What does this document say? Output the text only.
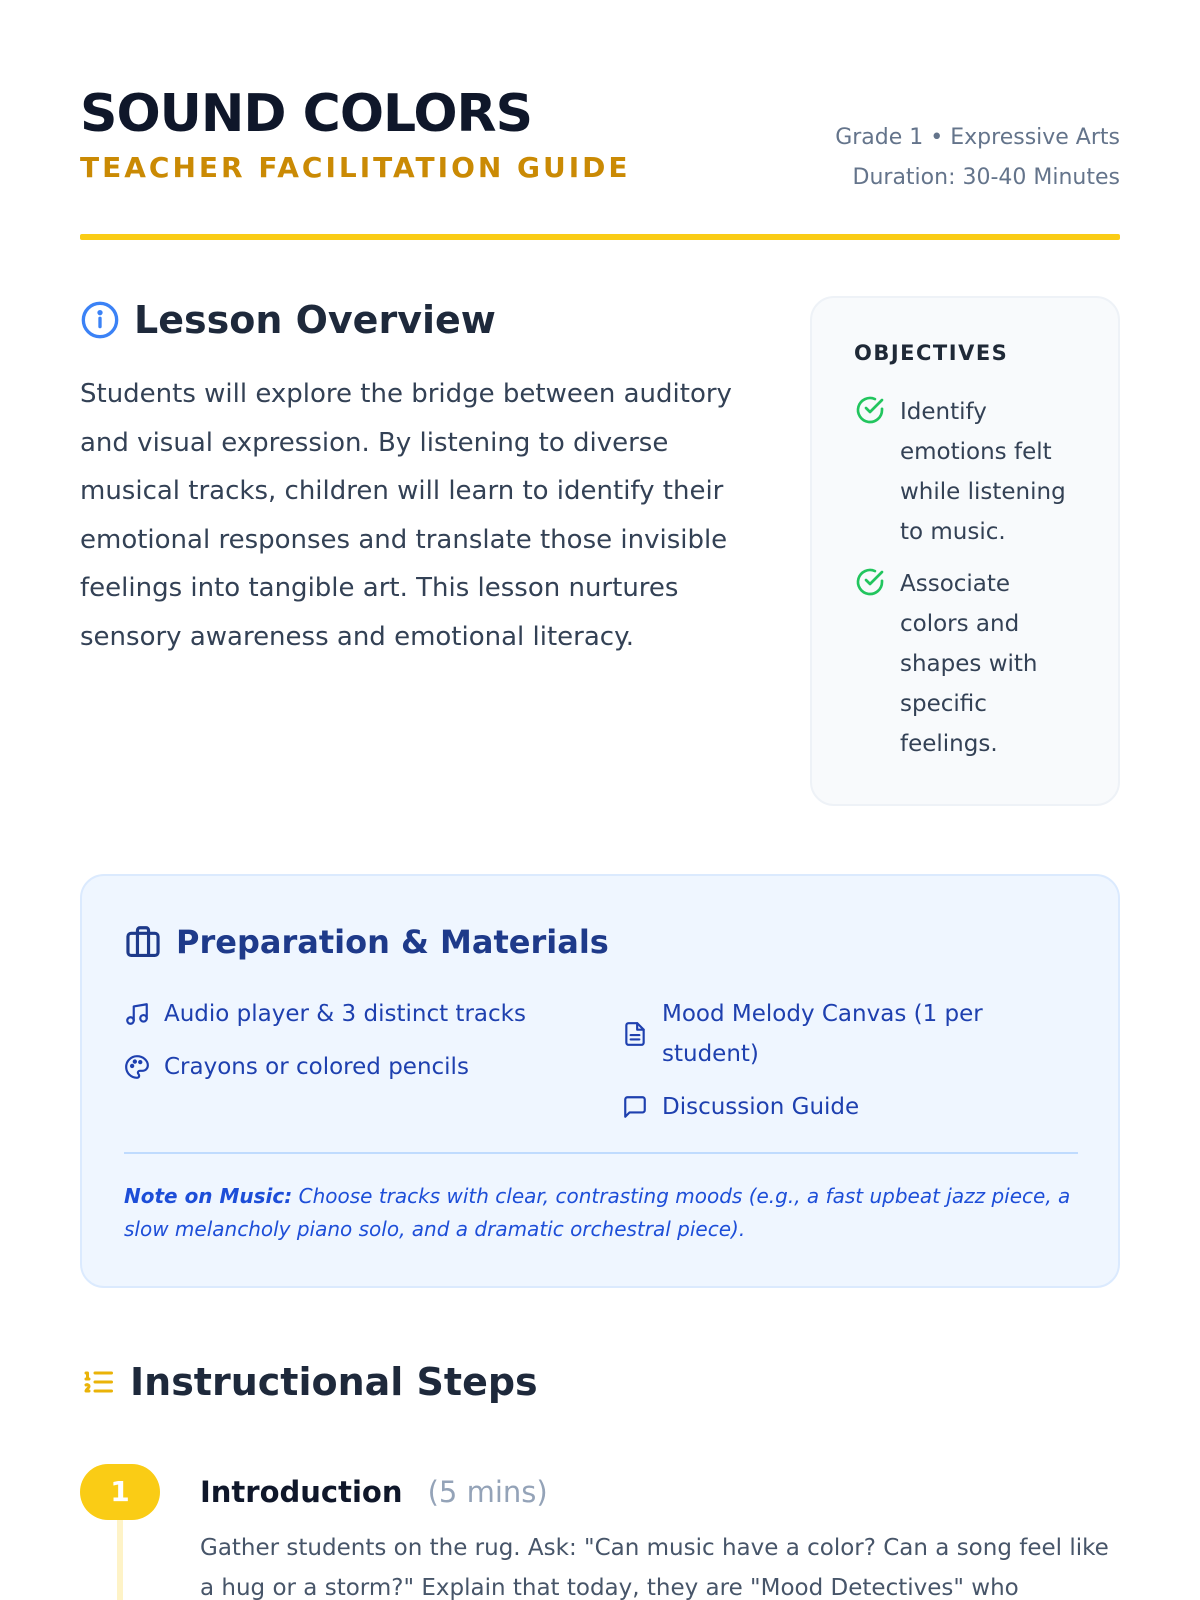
SOUND COLORS
TEACHER FACILITATION GUIDE
Grade 1 • Expressive Arts
Duration: 30-40 Minutes
Lesson Overview
Students will explore the bridge between auditory and visual expression. By listening to diverse musical tracks, children will learn to identify their emotional responses and translate those invisible feelings into tangible art. This lesson nurtures sensory awareness and emotional literacy.
OBJECTIVES
Identify emotions felt while listening to music.
Associate colors and shapes with specific feelings.
Preparation & Materials
Audio player & 3 distinct tracks
Crayons or colored pencils
Mood Melody Canvas (1 per student)
Discussion Guide
Note on Music: Choose tracks with clear, contrasting moods (e.g., a fast upbeat jazz piece, a slow melancholy piano solo, and a dramatic orchestral piece).
Instructional Steps
1	Introduction (5 mins)
Gather students on the rug. Ask: "Can music have a color? Can a song feel like a hug or a storm?" Explain that today, they are "Mood Detectives" who
